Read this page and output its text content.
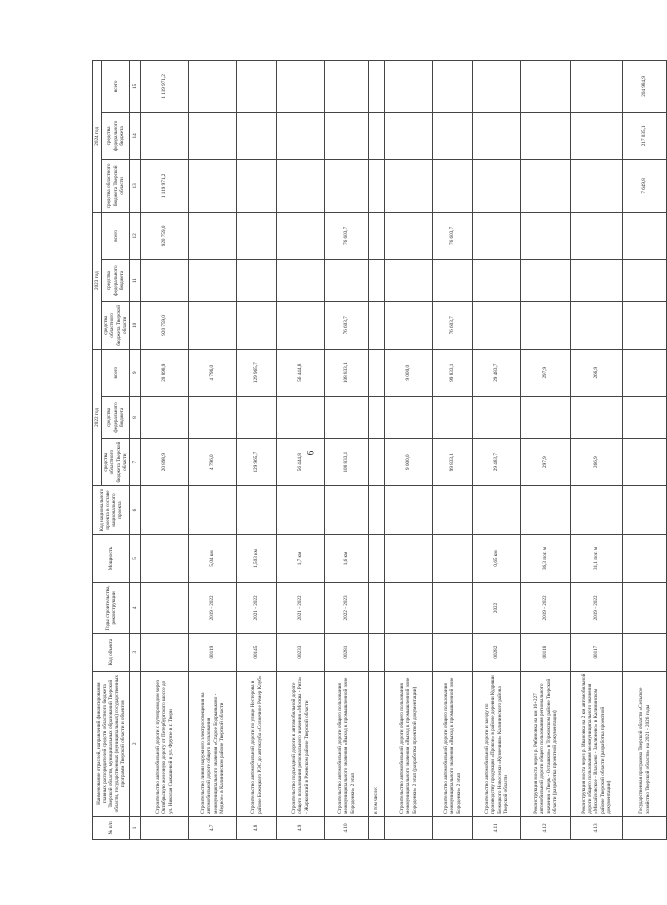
6
№ п/п	Наименование отраслей, направлений финансирования главных распорядителей средств областного бюджета Тверской области, муниципальных образований Тверской области, государственных (муниципальных) государственных программ Тверской области и объектов	Код объекта	Годы строительства, реконструкции	Мощность	Код национального проекта в составе национального проекта	2022 год			2023 год			2024 год		
						средства областного бюджета Тверской области	средства федерального бюджета	всего	средства областного бюджета Тверской области	средства федерального бюджета	всего	средства областного бюджета Тверской области	средства федерального бюджета	всего
1	2	3	4	5	6	7	8	9	10	11	12	13	14	15
	Строительство автомобильной дороги с путепроводом через Октябрьскую железную дорогу от Петербургского шоссе до ул. Николая Сыкашевой и ул. Фрунзе в г. Твери					20 898,9		20 898,9	920 759,0		920 759,0	1 119 971,2		1 119 971,2
4.7	Строительство линии наружного электроосвещения на автомобильной дороге общего пользования межмуниципального значения «Старое Бодрыньково - Медное» в Калининском районе Тверской области	00119	2019 - 2022	5,04 км		4 796,0		4 796,0						
4.8	Строительство автомобильной дороги по улице Нестерова в районе Бежецкого РЭС до автоклуба «Солнечное Ремер Клуб»	00145	2021 - 2022	1,503 км		129 965,7		129 965,7						
4.9	Строительство подъездной дороги к автомобильной дороге общего пользования регионального значения «Москва - Рига» - Жарковский в Ржевском районе Тверской области	00233	2021 - 2022	1,7 км		56 444,8		56 444,8						
4.10	Строительство автомобильной дороги общего пользования межмуниципального значения «Выход к промышленной зоне Бороденки» 2 этап	00281	2022 - 2023	1,6 км		108 833,1		108 833,1	76 603,7		76 603,7			
	в том числе:													
	Строительство автомобильной дороги общего пользования межмуниципального значения «Выход к промышленной зоне Бороденки» 2 этап (разработка проектной документации)					9 000,0		9 000,0						
	Строительство автомобильной дороги общего пользования межмуниципального значения «Выход к промышленной зоне Бороденки» 2 этап					99 833,1		99 833,1	76 603,7		76 603,7			
4.11	Строительство автомобильной дороги и заезду по производству продукции «Прокон» в районе деревни Кудряши Бежецкого Новоселки «Кузнечики» Калининского района Тверской области	00282	2022	0,65 км		29 483,7		29 483,7						
4.12	Реконструкция моста через р. Рябиновка на км 16+227 автомобильной дороги общего пользования регионального значения «Тверь - Осташков» в Торжокском районе Тверской области (разработка проектной документации)	00118	2019 - 2022	36,3 пог. м		297,9		297,9						
4.13	Реконструкция моста через р. Ивановка на 2 км автомобильной дороги общего пользования межмуниципального значения «Михайловское - Власьево - Заклюнево» в Калининском районе Тверской области (разработка проектной документации)	00117	2019 - 2022	31,1 пог. м		266,9		266,9						
	Государственная программа Тверской области «Сельское хозяйство Тверской области» на 2021 - 2026 годы											7 649,8	217 035,1	204 984,9
